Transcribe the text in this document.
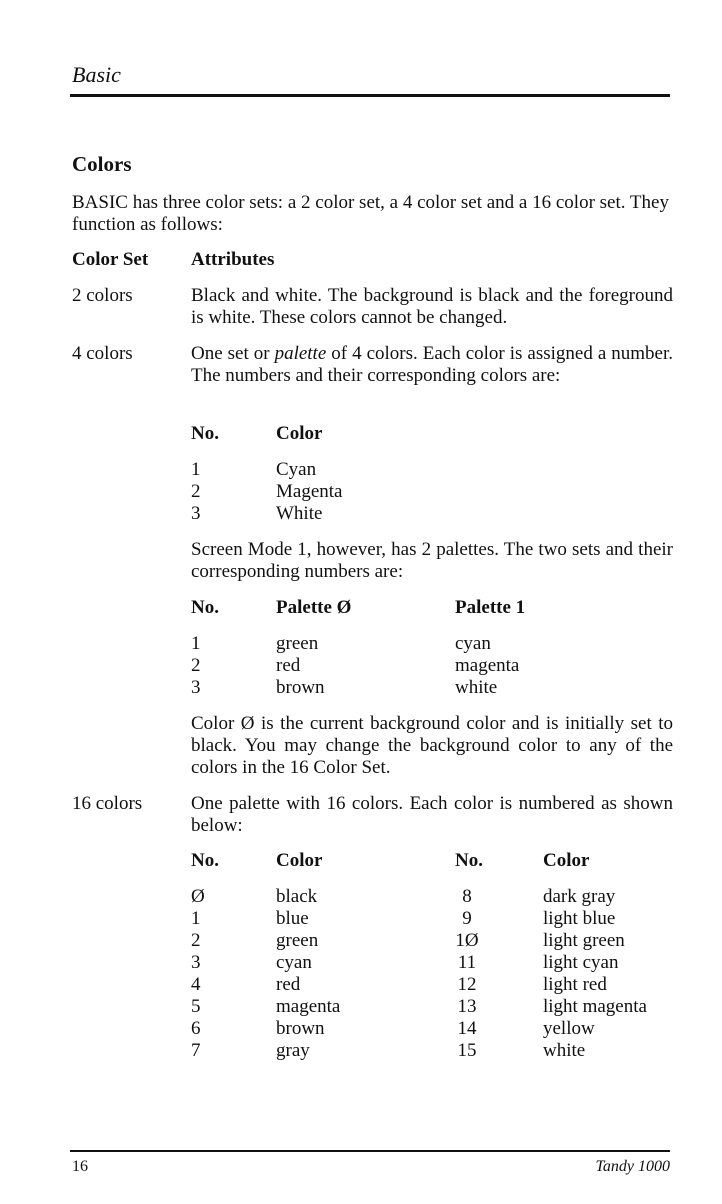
Basic
Colors
BASIC has three color sets: a 2 color set, a 4 color set and a 16 color set. They function as follows:
Color Set Attributes
2 colors	Black and white. The background is black and the foreground is white. These colors cannot be changed.
4 colors	One set or palette of 4 colors. Each color is assigned a number. The numbers and their corresponding colors are:
No.	Color
1	Cyan
2	Magenta
3	White
Screen Mode 1, however, has 2 palettes. The two sets and their corresponding numbers are:
No.	Palette Ø	Palette 1
1	green	cyan
2	red	magenta
3	brown	white
Color Ø is the current background color and is initially set to black. You may change the background color to any of the colors in the 16 Color Set.
16 colors	One palette with 16 colors. Each color is numbered as shown below:
No.	Color	No.	Color
Ø	black	8	dark gray
1	blue	9	light blue
2	green	1Ø	light green
3	cyan	11	light cyan
4	red	12	light red
5	magenta	13	light magenta
6	brown	14	yellow
7	gray	15	white
16	Tandy 1000
